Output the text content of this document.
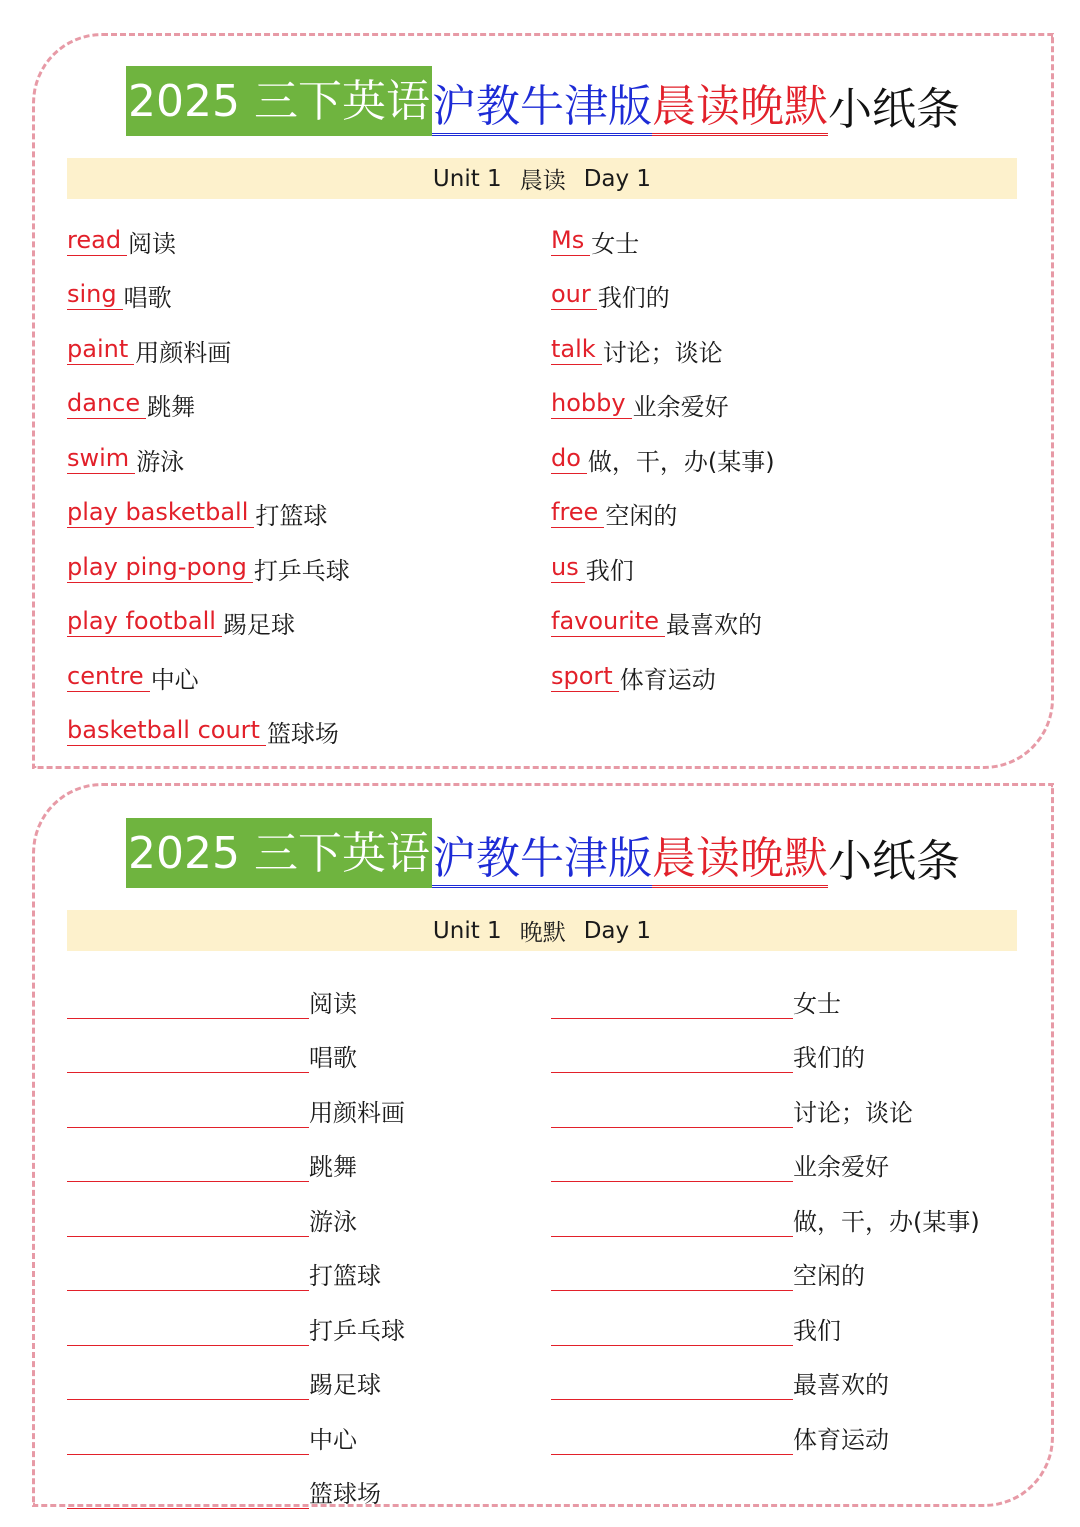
2025 三下英语 沪教牛津版 晨读晚默 小纸条
Unit 1 晨读 Day 1
read 阅读
sing 唱歌
paint 用颜料画
dance 跳舞
swim 游泳
play basketball 打篮球
play ping-pong 打乒乓球
play football 踢足球
centre 中心
basketball court 篮球场
Ms 女士
our 我们的
talk 讨论；谈论
hobby 业余爱好
do 做，干，办(某事)
free 空闲的
us 我们
favourite 最喜欢的
sport 体育运动
2025 三下英语 沪教牛津版 晨读晚默 小纸条
Unit 1 晚默 Day 1
阅读
唱歌
用颜料画
跳舞
游泳
打篮球
打乒乓球
踢足球
中心
篮球场
女士
我们的
讨论；谈论
业余爱好
做，干，办(某事)
空闲的
我们
最喜欢的
体育运动
